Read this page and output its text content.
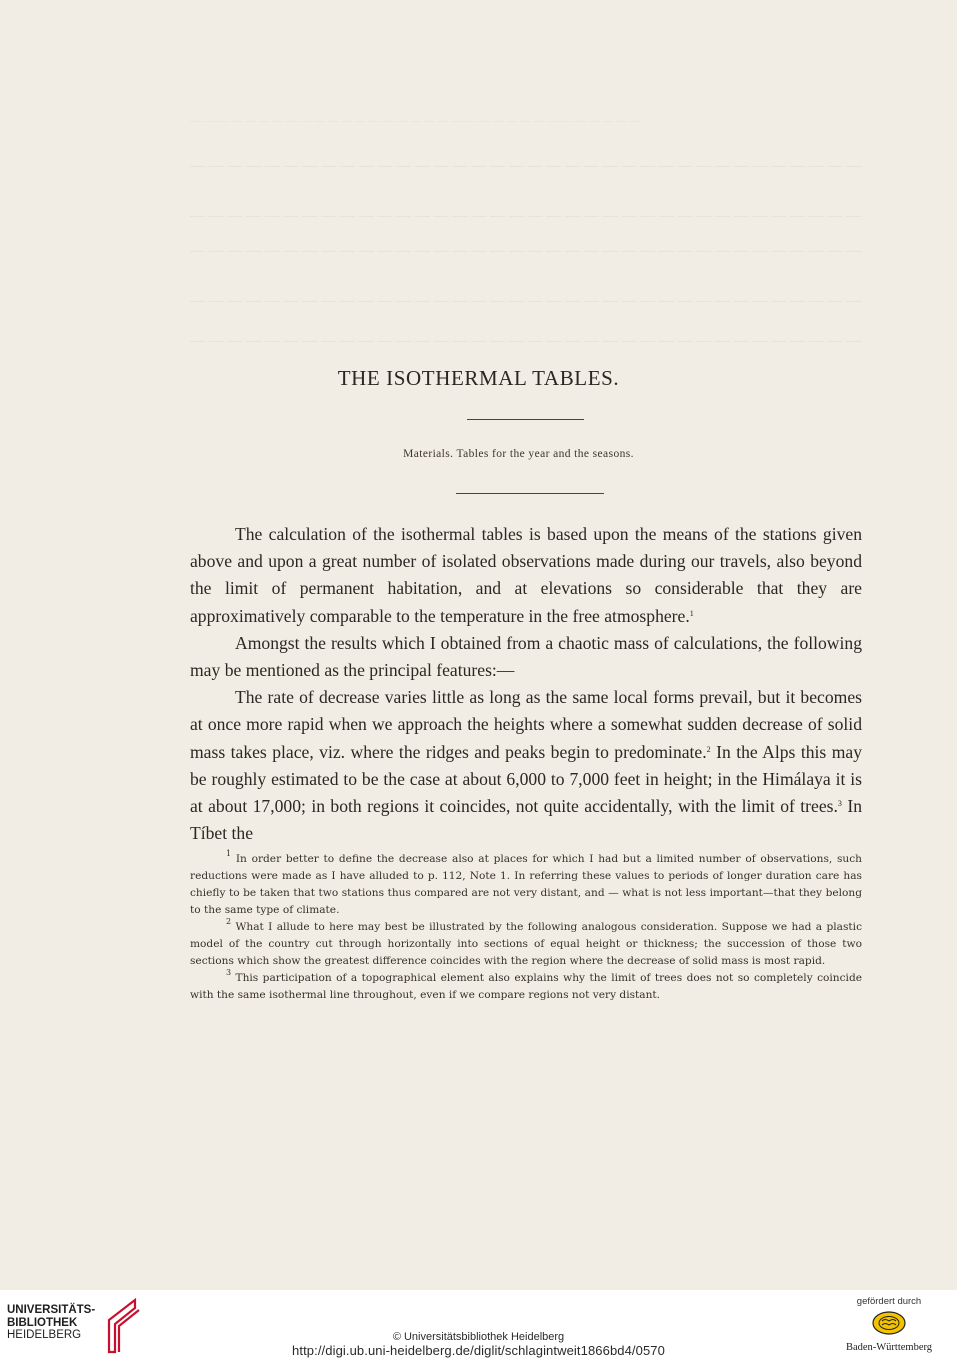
— — — — — — — — — — — — — — — — — — — — — — — — — — — — — — — — —
— — — — — — — — — — — — — — — — — — — — — — — — — — — — — — — — — — — —
— — — — — — — — — — — — — — — — — — — — — — — — — — — — — — — — — — — —
— — — — — — — — — — — — — — — — — — — — — — — — — — — — — — — — — — — —
— — — — — — — — — — — — — — — — — — — — — — — — — — — — — — — — — — — —
— — — — — — — — — — — — — — — — — — — — — — — — — — — — — — — — — — — —
THE ISOTHERMAL TABLES.
Materials. Tables for the year and the seasons.

The calculation of the isothermal tables is based upon the means of the stations given above and upon a great number of isolated observations made during our travels, also beyond the limit of permanent habitation, and at elevations so considerable that they are approximatively comparable to the temperature in the free atmosphere.$^1$

Amongst the results which I obtained from a chaotic mass of calculations, the following may be mentioned as the principal features:—

The rate of decrease varies little as long as the same local forms prevail, but it becomes at once more rapid when we approach the heights where a somewhat sudden decrease of solid mass takes place, viz. where the ridges and peaks begin to predominate.$^2$ In the Alps this may be roughly estimated to be the case at about 6,000 to 7,000 feet in height; in the Himálaya it is at about 17,000; in both regions it coincides, not quite accidentally, with the limit of trees.$^3$ In Tíbet the

$^1$ In order better to define the decrease also at places for which I had but a limited number of observations, such reductions were made as I have alluded to p. 112, Note 1. In referring these values to periods of longer duration care has chiefly to be taken that two stations thus compared are not very distant, and — what is not less important—that they belong to the same type of climate.

$^2$ What I allude to here may best be illustrated by the following analogous consideration. Suppose we had a plastic model of the country cut through horizontally into sections of equal height or thickness; the succession of those two sections which show the greatest difference coincides with the region where the decrease of solid mass is most rapid.

$^3$ This participation of a topographical element also explains why the limit of trees does not so completely coincide with the same isothermal line throughout, even if we compare regions not very distant.

UNIVERSITÄTS-
BIBLIOTHEK
HEIDELBERG	© Universitätsbibliothek Heidelberg
http://digi.ub.uni-heidelberg.de/diglit/schlagintweit1866bd4/0570
gefördert durch
Baden-Württemberg
